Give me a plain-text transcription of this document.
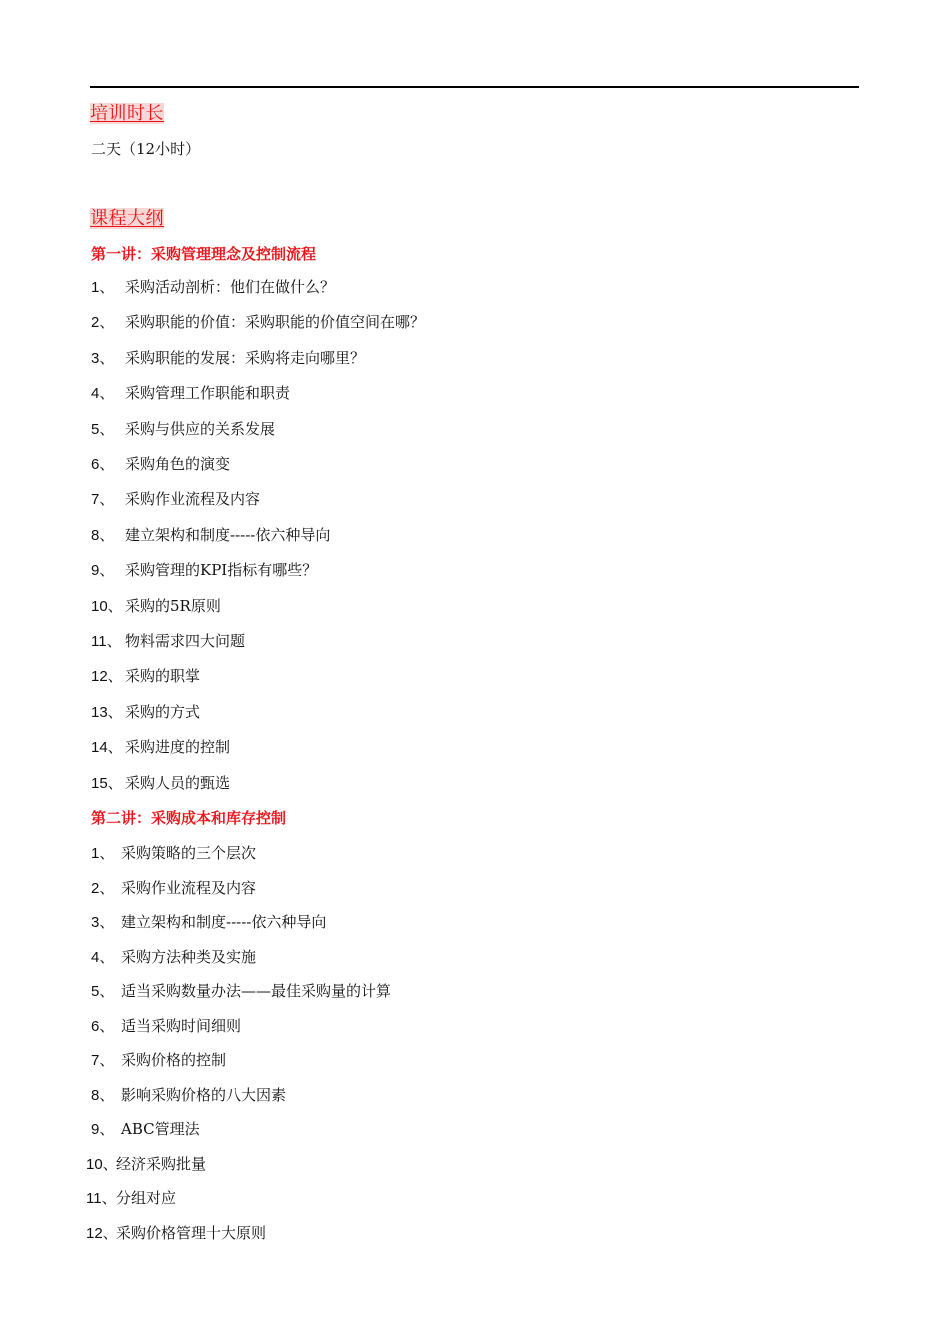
培训时长
二天（12小时）
课程大纲
第一讲：采购管理理念及控制流程
1、 采购活动剖析：他们在做什么？
2、 采购职能的价值：采购职能的价值空间在哪？
3、 采购职能的发展：采购将走向哪里？
4、 采购管理工作职能和职责
5、 采购与供应的关系发展
6、 采购角色的演变
7、 采购作业流程及内容
8、 建立架构和制度-----依六种导向
9、 采购管理的KPI指标有哪些？
10、 采购的5R原则
11、 物料需求四大问题
12、 采购的职掌
13、 采购的方式
14、 采购进度的控制
15、 采购人员的甄选
第二讲：采购成本和库存控制
1、 采购策略的三个层次
2、 采购作业流程及内容
3、 建立架构和制度-----依六种导向
4、 采购方法种类及实施
5、 适当采购数量办法——最佳采购量的计算
6、 适当采购时间细则
7、 采购价格的控制
8、 影响采购价格的八大因素
9、 ABC管理法
10、经济采购批量
11、分组对应
12、采购价格管理十大原则
